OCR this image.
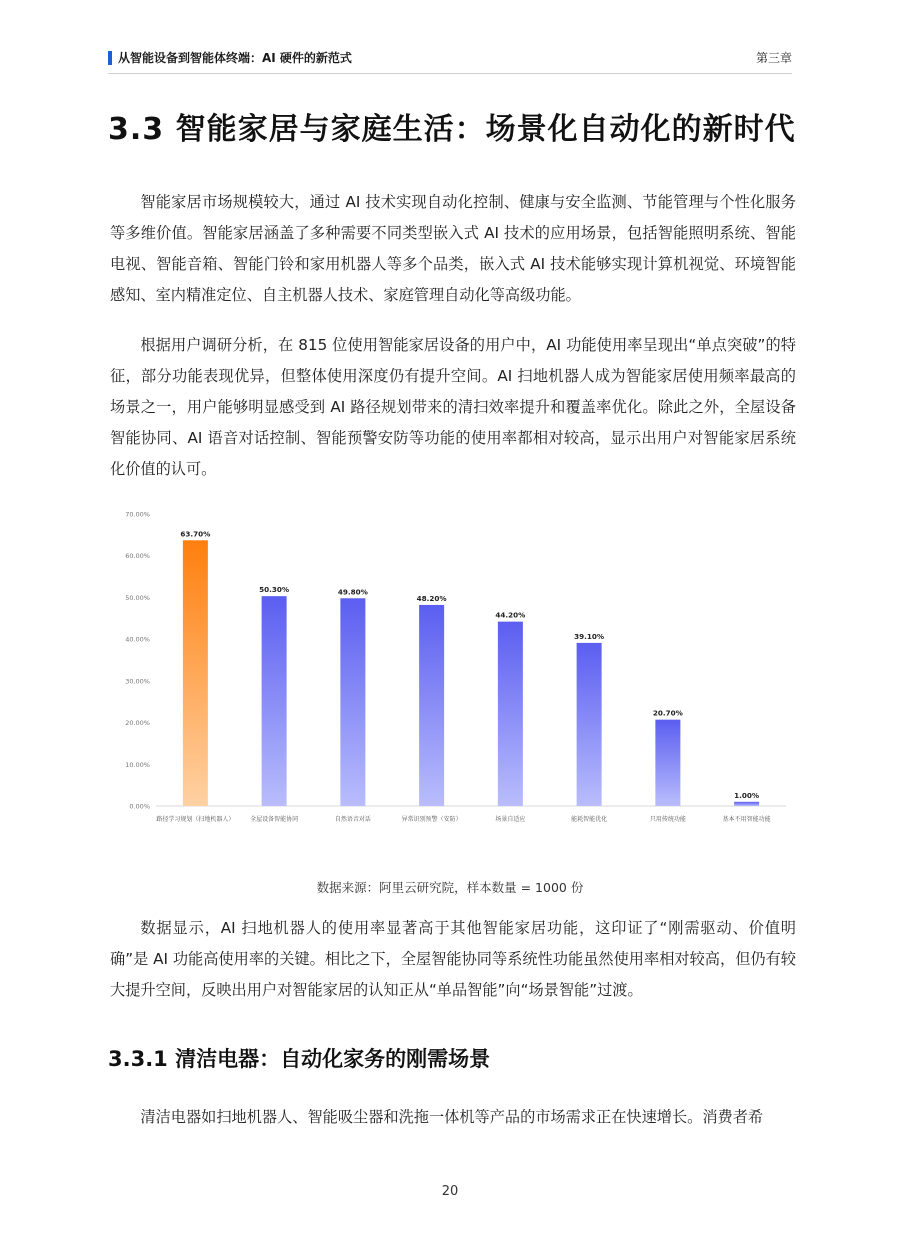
从智能设备到智能体终端：AI 硬件的新范式	第三章
3.3 智能家居与家庭生活：场景化自动化的新时代

智能家居市场规模较大，通过 AI 技术实现自动化控制、健康与安全监测、节能管理与个性化服务等多维价值。智能家居涵盖了多种需要不同类型嵌入式 AI 技术的应用场景，包括智能照明系统、智能电视、智能音箱、智能门铃和家用机器人等多个品类，嵌入式 AI 技术能够实现计算机视觉、环境智能感知、室内精准定位、自主机器人技术、家庭管理自动化等高级功能。

根据用户调研分析，在 815 位使用智能家居设备的用户中，AI 功能使用率呈现出“单点突破”的特征，部分功能表现优异，但整体使用深度仍有提升空间。AI 扫地机器人成为智能家居使用频率最高的场景之一，用户能够明显感受到 AI 路径规划带来的清扫效率提升和覆盖率优化。除此之外，全屋设备智能协同、AI 语音对话控制、智能预警安防等功能的使用率都相对较高，显示出用户对智能家居系统化价值的认可。

0.00%
10.00%
20.00%
30.00%
40.00%
50.00%
60.00%
70.00%
63.70%
路径学习规划（扫地机器人）
50.30%
全屋设备智能协同
49.80%
自然语音对话
48.20%
异常识别预警（安防）
44.20%
场景自适应
39.10%
能耗智能优化
20.70%
只用传统功能
1.00%
基本不用智能功能
数据来源：阿里云研究院，样本数量 = 1000 份

数据显示，AI 扫地机器人的使用率显著高于其他智能家居功能，这印证了“刚需驱动、价值明确”是 AI 功能高使用率的关键。相比之下，全屋智能协同等系统性功能虽然使用率相对较高，但仍有较大提升空间，反映出用户对智能家居的认知正从“单品智能”向“场景智能”过渡。

3.3.1 清洁电器：自动化家务的刚需场景

清洁电器如扫地机器人、智能吸尘器和洗拖一体机等产品的市场需求正在快速增长。消费者希

20
